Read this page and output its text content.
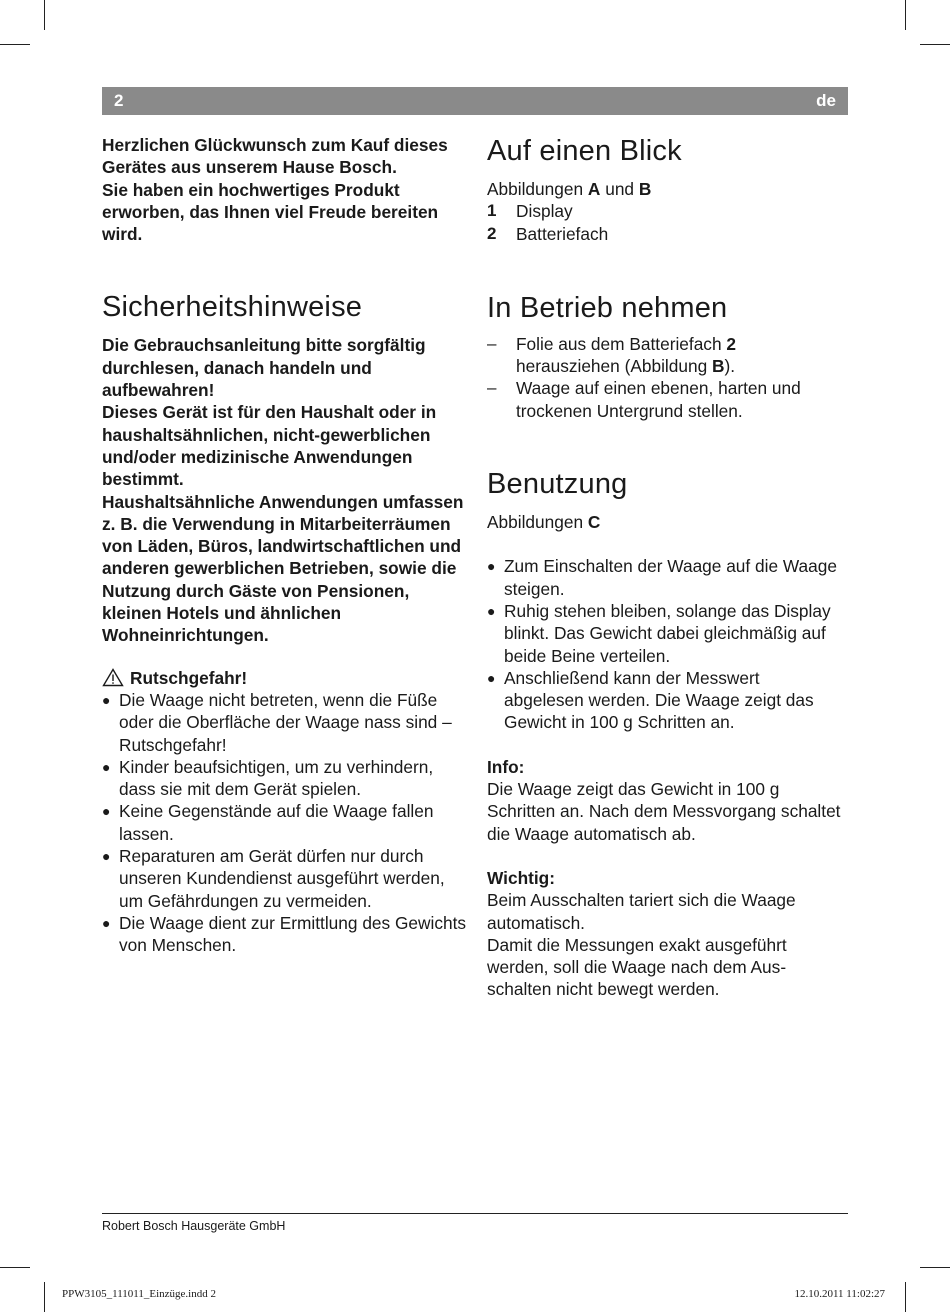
2	de

Herzlichen Glückwunsch zum Kauf dieses Gerätes aus unserem Hause Bosch.

Sie haben ein hochwertiges Produkt erworben, das Ihnen viel Freude bereiten wird.

Sicherheitshinweise

Die Gebrauchsanleitung bitte sorgfältig durchlesen, danach handeln und aufbewahren!

Dieses Gerät ist für den Haushalt oder in haushaltsähnlichen, nicht-gewerblichen und/oder medizinische Anwendungen bestimmt.

Haushaltsähnliche Anwendungen umfassen z. B. die Verwendung in Mitarbeiterräumen von Läden, Büros, landwirtschaftlichen und anderen gewerblichen Betrieben, sowie die Nutzung durch Gäste von Pensionen, kleinen Hotels und ähnlichen Wohneinrichtungen.

Rutschgefahr!
● Die Waage nicht betreten, wenn die Füße oder die Oberfläche der Waage nass sind – Rutschgefahr!
● Kinder beaufsichtigen, um zu verhindern, dass sie mit dem Gerät spielen.
● Keine Gegenstände auf die Waage fallen lassen.
● Reparaturen am Gerät dürfen nur durch unseren Kundendienst ausgeführt werden, um Gefährdungen zu vermeiden.
● Die Waage dient zur Ermittlung des Gewichts von Menschen.
Auf einen Blick

Abbildungen A und B

1 Display
2 Batteriefach
In Betrieb nehmen
– Folie aus dem Batteriefach 2 herausziehen (Abbildung B).
– Waage auf einen ebenen, harten und trockenen Untergrund stellen.
Benutzung

Abbildungen C

● Zum Einschalten der Waage auf die Waage steigen.
● Ruhig stehen bleiben, solange das Display blinkt. Das Gewicht dabei gleichmäßig auf beide Beine verteilen.
● Anschließend kann der Messwert abgelesen werden. Die Waage zeigt das Gewicht in 100 g Schritten an.

Info:

Die Waage zeigt das Gewicht in 100 g Schritten an. Nach dem Messvorgang schaltet die Waage automatisch ab.

Wichtig:

Beim Ausschalten tariert sich die Waage automatisch.

Damit die Messungen exakt ausgeführt werden, soll die Waage nach dem Ausschalten nicht bewegt werden.

Robert Bosch Hausgeräte GmbH
PPW3105_111011_Einzüge.indd 2	12.10.2011 11:02:27
